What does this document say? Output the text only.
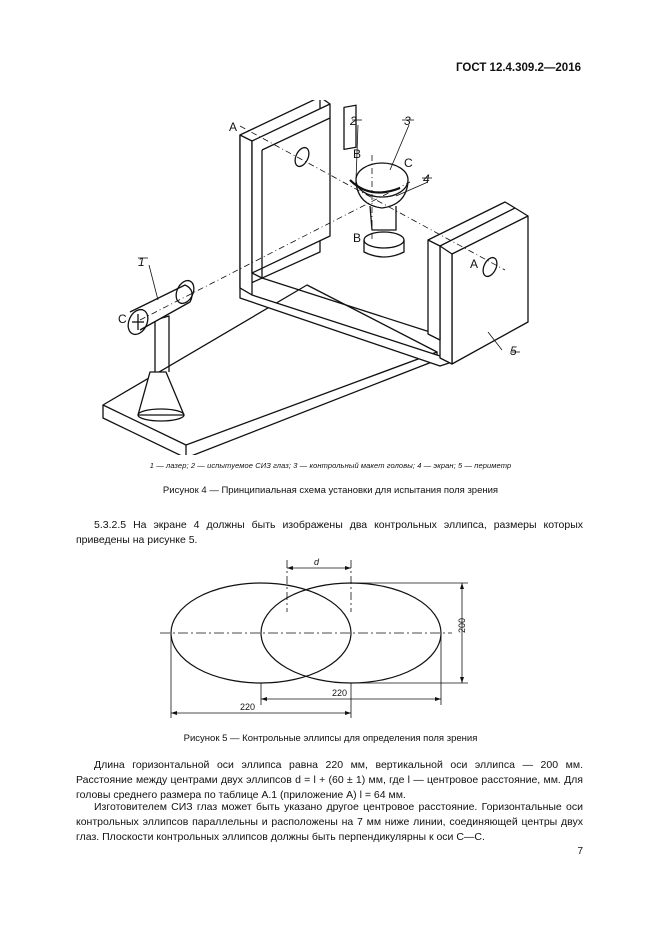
ГОСТ 12.4.309.2—2016
1
2	3
4
5
A
A
B
B
C
C
1 — лазер; 2 — испытуемое СИЗ глаз; 3 — контрольный макет головы; 4 — экран; 5 — периметр
Рисунок 4 — Принципиальная схема установки для испытания поля зрения

5.3.2.5 На экране 4 должны быть изображены два контрольных эллипса, размеры которых приведены на рисунке 5.

d
200
220
220
Рисунок 5 — Контрольные эллипсы для определения поля зрения

Длина горизонтальной оси эллипса равна 220 мм, вертикальной оси эллипса — 200 мм. Расстояние между центрами двух эллипсов d = l + (60 ± 1) мм, где l — центровое расстояние, мм. Для головы среднего размера по таблице А.1 (приложение А) l = 64 мм.

Изготовителем СИЗ глаз может быть указано другое центровое расстояние. Горизонтальные оси контрольных эллипсов параллельны и расположены на 7 мм ниже линии, соединяющей центры двух глаз. Плоскости контрольных эллипсов должны быть перпендикулярны к оси С—С.

7
